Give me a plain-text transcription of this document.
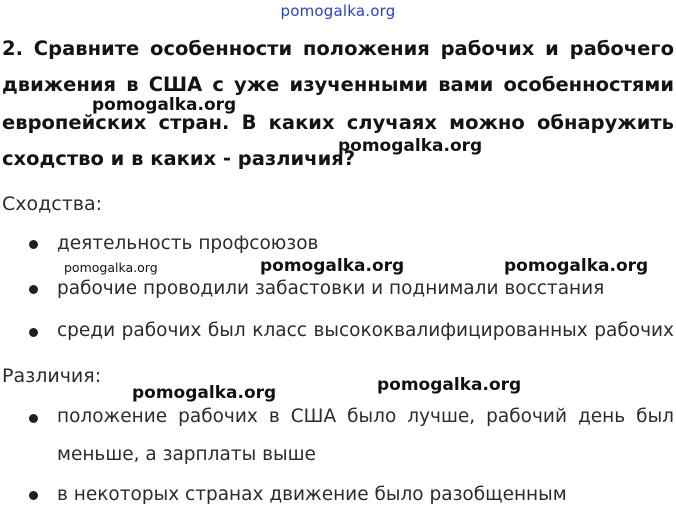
pomogalka.org
2. Сравните особенности положения рабочих и рабочего
движения в США с уже изученными вами особенностями
европейских стран. В каких случаях можно обнаружить
сходство и в каких - различия?
Сходства:
деятельность профсоюзов
рабочие проводили забастовки и поднимали восстания
среди рабочих был класс высококвалифицированных рабочих
Различия:
положение рабочих в США было лучше, рабочий день был
меньше, а зарплаты выше
в некоторых странах движение было разобщенным
pomogalka.org
pomogalka.org
pomogalka.org	pomogalka.org	pomogalka.org
pomogalka.org	pomogalka.org
